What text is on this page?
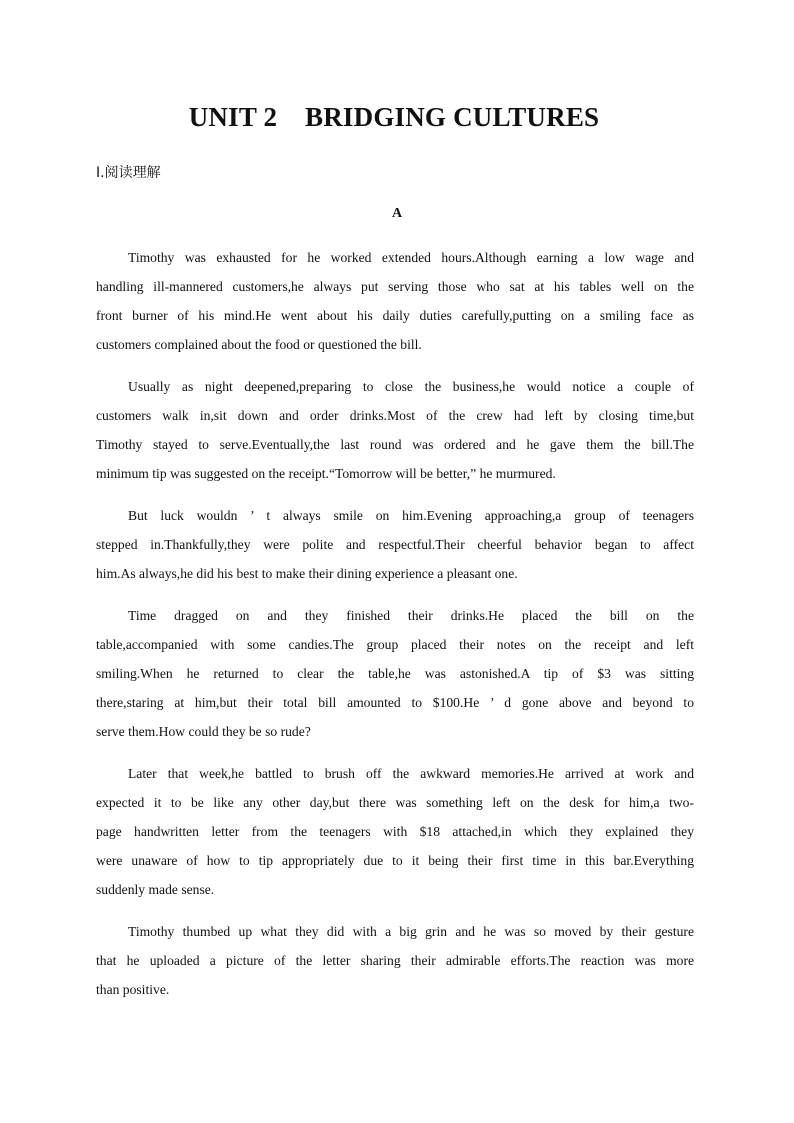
UNIT 2    BRIDGING CULTURES
Ⅰ.阅读理解
A
Timothy was exhausted for he worked extended hours.Although earning a low wage and
handling ill-mannered customers,he always put serving those who sat at his tables well on the
front burner of his mind.He went about his daily duties carefully,putting on a smiling face as
customers complained about the food or questioned the bill.
Usually as night deepened,preparing to close the business,he would notice a couple of
customers walk in,sit down and order drinks.Most of the crew had left by closing time,but
Timothy stayed to serve.Eventually,the last round was ordered and he gave them the bill.The
minimum tip was suggested on the receipt.“Tomorrow will be better,” he murmured.
But luck wouldn ’ t always smile on him.Evening approaching,a group of teenagers
stepped in.Thankfully,they were polite and respectful.Their cheerful behavior began to affect
him.As always,he did his best to make their dining experience a pleasant one.
Time dragged on and they finished their drinks.He placed the bill on the
table,accompanied with some candies.The group placed their notes on the receipt and left
smiling.When he returned to clear the table,he was astonished.A tip of $3 was sitting
there,staring at him,but their total bill amounted to $100.He ’ d gone above and beyond to
serve them.How could they be so rude?
Later that week,he battled to brush off the awkward memories.He arrived at work and
expected it to be like any other day,but there was something left on the desk for him,a two-
page handwritten letter from the teenagers with $18 attached,in which they explained they
were unaware of how to tip appropriately due to it being their first time in this bar.Everything
suddenly made sense.
Timothy thumbed up what they did with a big grin and he was so moved by their gesture
that he uploaded a picture of the letter sharing their admirable efforts.The reaction was more
than positive.
